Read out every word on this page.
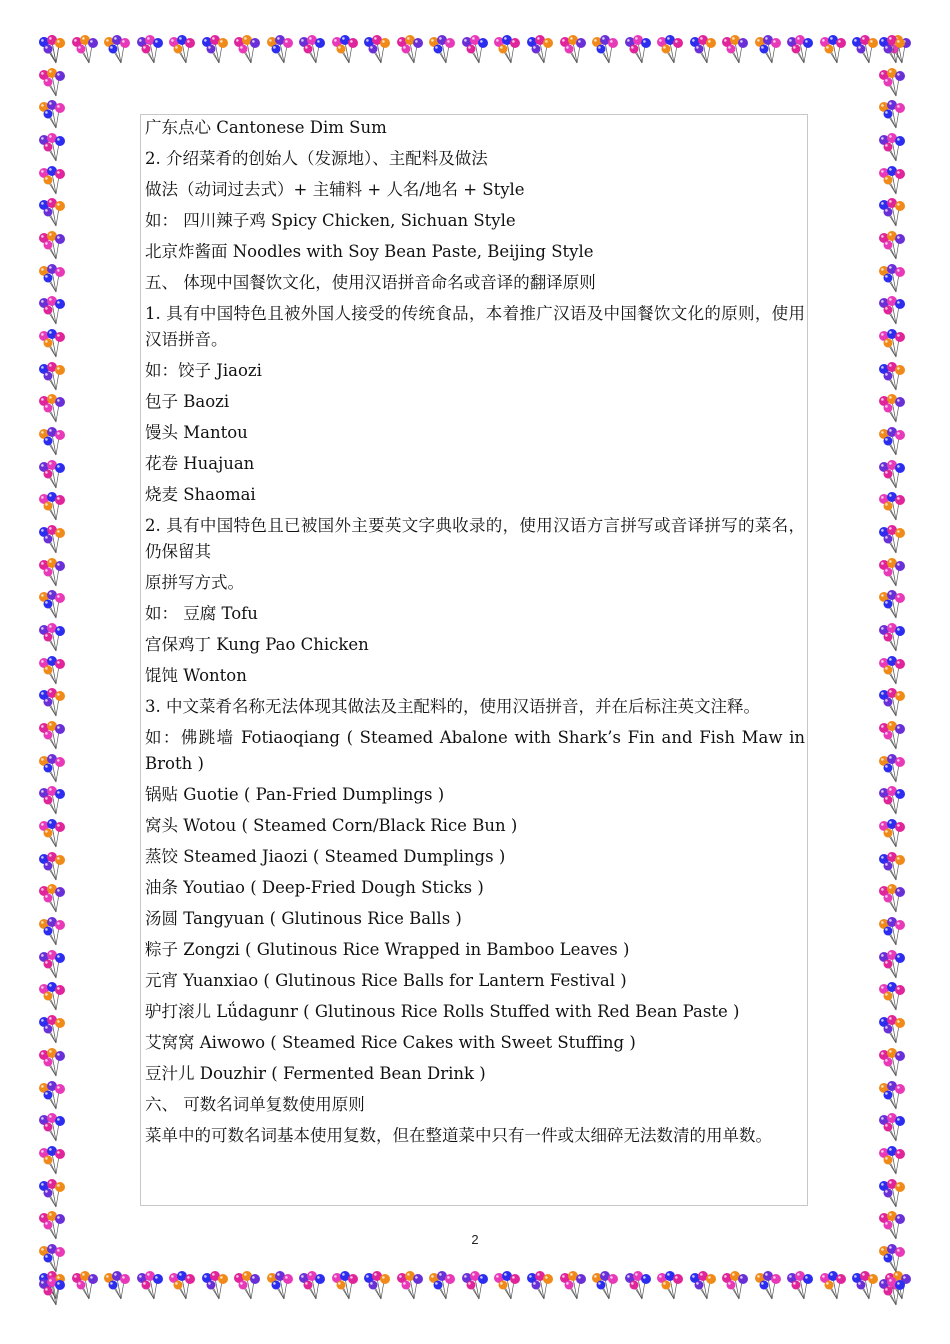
广东点心 Cantonese Dim Sum

2. 介绍菜肴的创始人（发源地）、主配料及做法

做法（动词过去式）+ 主辅料 + 人名/地名 + Style

如： 四川辣子鸡 Spicy Chicken, Sichuan Style

北京炸酱面 Noodles with Soy Bean Paste, Beijing Style

五、 体现中国餐饮文化，使用汉语拼音命名或音译的翻译原则

1. 具有中国特色且被外国人接受的传统食品，本着推广汉语及中国餐饮文化的原则，使用汉语拼音。

如：饺子 Jiaozi

包子 Baozi

馒头 Mantou

花卷 Huajuan

烧麦 Shaomai

2. 具有中国特色且已被国外主要英文字典收录的，使用汉语方言拼写或音译拼写的菜名，仍保留其

原拼写方式。

如： 豆腐 Tofu

宫保鸡丁 Kung Pao Chicken

馄饨 Wonton

3. 中文菜肴名称无法体现其做法及主配料的，使用汉语拼音，并在后标注英文注释。

如：佛跳墙 Fotiaoqiang ( Steamed Abalone with Shark’s Fin and Fish Maw in Broth )

锅贴 Guotie ( Pan-Fried Dumplings )

窝头 Wotou ( Steamed Corn/Black Rice Bun )

蒸饺 Steamed Jiaozi ( Steamed Dumplings )

油条 Youtiao ( Deep-Fried Dough Sticks )

汤圆 Tangyuan ( Glutinous Rice Balls )

粽子 Zongzi ( Glutinous Rice Wrapped in Bamboo Leaves )

元宵 Yuanxiao ( Glutinous Rice Balls for Lantern Festival )

驴打滚儿 Lǘdagunr ( Glutinous Rice Rolls Stuffed with Red Bean Paste )

艾窝窝 Aiwowo ( Steamed Rice Cakes with Sweet Stuffing )

豆汁儿 Douzhir ( Fermented Bean Drink )

六、 可数名词单复数使用原则

菜单中的可数名词基本使用复数，但在整道菜中只有一件或太细碎无法数清的用单数。

2
